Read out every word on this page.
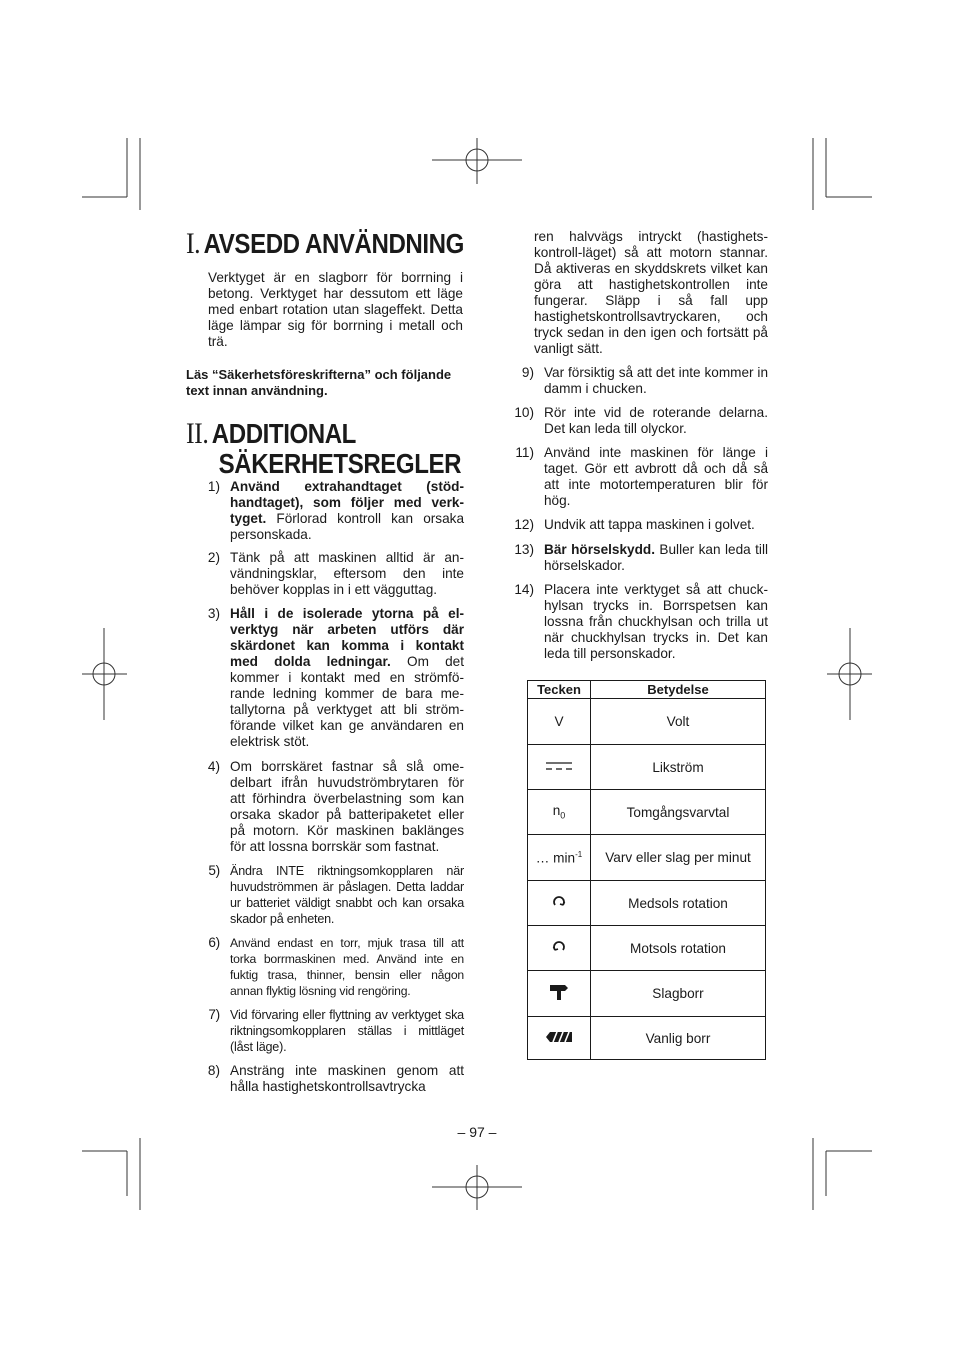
I. AVSEDD ANVÄNDNING
Verktyget är en slagborr för borrning i betong. Verktyget har dessutom ett läge med enbart rotation utan slageffekt. Detta läge lämpar sig för borrning i metall och trä.
Läs “Säkerhetsföreskrifterna” och följande text innan användning.
II. ADDITIONAL
SÄKERHETSREGLER
1) Använd extrahandtaget (stödhandtaget), som följer med verktyget. Förlorad kontroll kan orsaka personskada.
2) Tänk på att maskinen alltid är användningsklar, eftersom den inte behöver kopplas in i ett vägguttag.
3) Håll i de isolerade ytorna på elverktyg när arbeten utförs där skärdonet kan komma i kontakt med dolda ledningar. Om det kommer i kontakt med en strömförande ledning kommer de bara metallytorna på verktyget att bli strömförande vilket kan ge användaren en elektrisk stöt.
4) Om borrskäret fastnar så slå omedelbart ifrån huvudströmbrytaren för att förhindra överbelastning som kan orsaka skador på batteripaketet eller på motorn. Kör maskinen baklänges för att lossna borrskär som fastnat.
5) Ändra INTE riktningsomkopplaren när huvudströmmen är påslagen. Detta laddar ur batteriet väldigt snabbt och kan orsaka skador på enheten.
6) Använd endast en torr, mjuk trasa till att torka borrmaskinen med. Använd inte en fuktig trasa, thinner, bensin eller någon annan flyktig lösning vid rengöring.
7) Vid förvaring eller flyttning av verktyget ska riktningsomkopplaren ställas i mittläget (låst läge).
8) Ansträng inte maskinen genom att hålla hastighetskontrollsavtrycka
ren halvvägs intryckt (hastighetskontroll-läget) så att motorn stannar. Då aktiveras en skyddskrets vilket kan göra att hastighetskontrollen inte fungerar. Släpp i så fall upp hastighetskontrollsavtryckaren, och tryck sedan in den igen och fortsätt på vanligt sätt.
9) Var försiktig så att det inte kommer in damm i chucken.
10) Rör inte vid de roterande delarna. Det kan leda till olyckor.
11) Använd inte maskinen för länge i taget. Gör ett avbrott då och då så att inte motortemperaturen blir för hög.
12) Undvik att tappa maskinen i golvet.
13) Bär hörselskydd. Buller kan leda till hörselskador.
14) Placera inte verktyget så att chuckhylsan trycks in. Borrspetsen kan lossna från chuckhylsan och trilla ut när chuckhylsan trycks in. Det kan leda till personskador.
Tecken	Betydelse
V	Volt
	Likström
$n_0$	Tomgångsvarvtal
… $\min^{-1}$	Varv eller slag per minut
	Medsols rotation
	Motsols rotation
	Slagborr
	Vanlig borr
– 97 –
